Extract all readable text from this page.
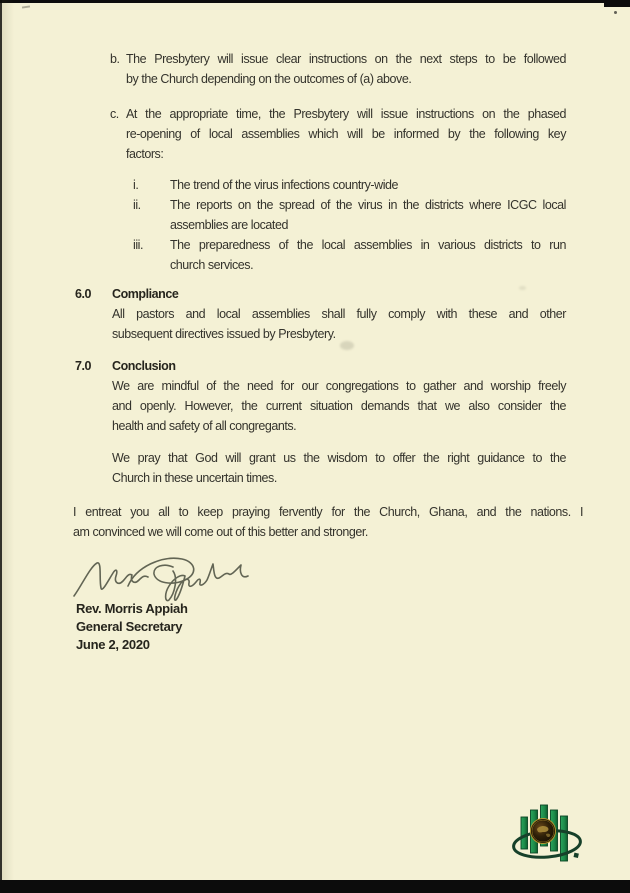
b. The Presbytery will issue clear instructions on the next steps to be followed
by the Church depending on the outcomes of (a) above.
c. At the appropriate time, the Presbytery will issue instructions on the phased
re-opening of local assemblies which will be informed by the following key
factors:
i.	The trend of the virus infections country-wide
ii.	The reports on the spread of the virus in the districts where ICGC local
assemblies are located
iii.	The preparedness of the local assemblies in various districts to run
church services.
6.0	Compliance
All pastors and local assemblies shall fully comply with these and other
subsequent directives issued by Presbytery.
7.0	Conclusion
We are mindful of the need for our congregations to gather and worship freely
and openly. However, the current situation demands that we also consider the
health and safety of all congregants.
We pray that God will grant us the wisdom to offer the right guidance to the
Church in these uncertain times.
I entreat you all to keep praying fervently for the Church, Ghana, and the nations. I
am convinced we will come out of this better and stronger.
Rev. Morris Appiah
General Secretary
June 2, 2020
